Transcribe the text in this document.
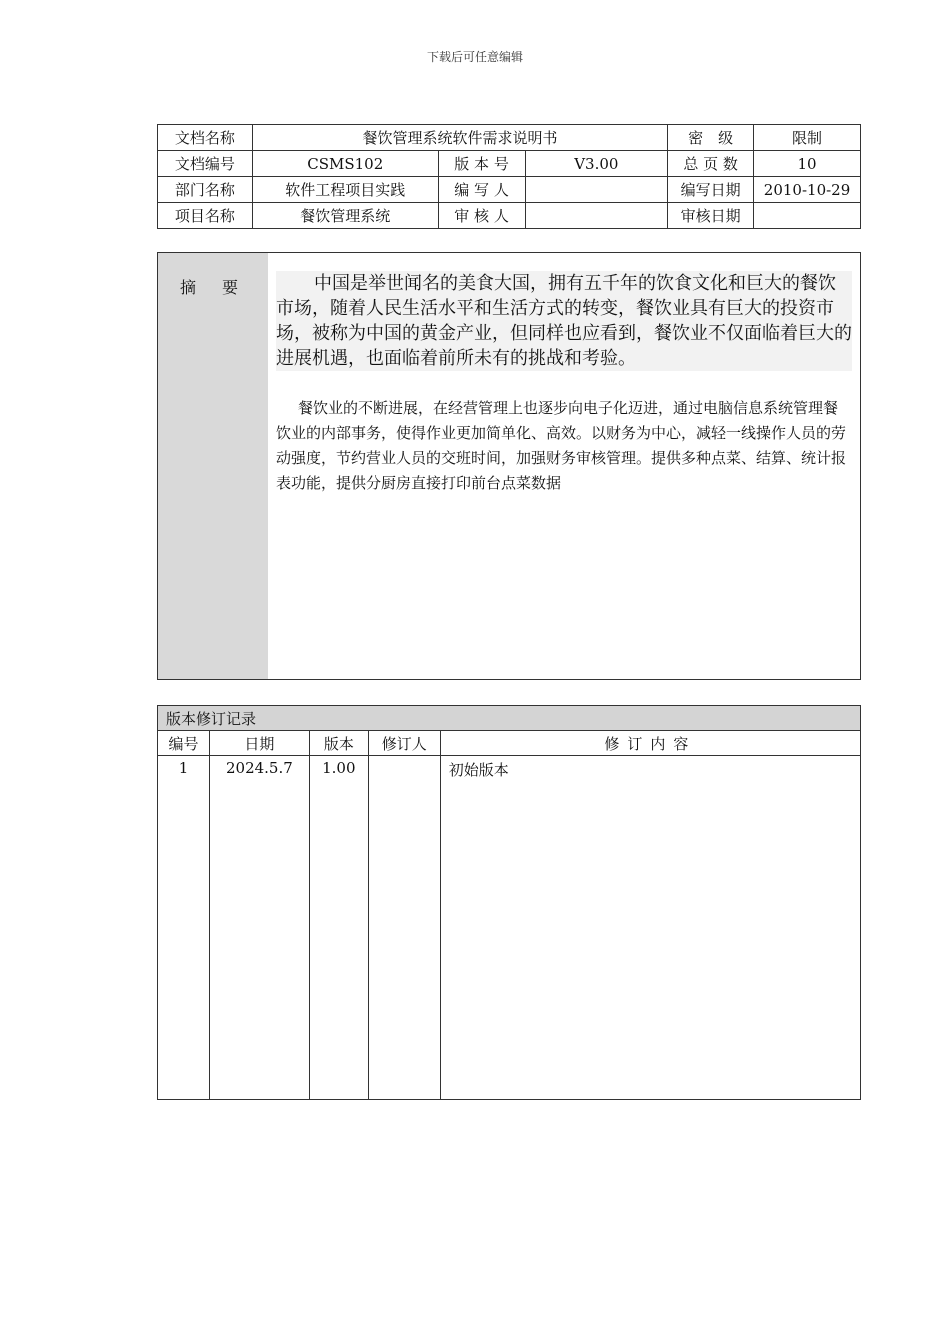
下载后可任意编辑
文档名称	餐饮管理系统软件需求说明书			密　级	限制
文档编号	CSMS102	版 本 号	V3.00	总 页 数	10
部门名称	软件工程项目实践	编 写 人		编写日期	2010-10-29
项目名称	餐饮管理系统	审 核 人		审核日期	
摘要	中国是举世闻名的美食大国，拥有五千年的饮食文化和巨大的餐饮市场，随着人民生活水平和生活方式的转变，餐饮业具有巨大的投资市场，被称为中国的黄金产业，但同样也应看到，餐饮业不仅面临着巨大的进展机遇，也面临着前所未有的挑战和考验。

餐饮业的不断进展，在经营管理上也逐步向电子化迈进，通过电脑信息系统管理餐饮业的内部事务，使得作业更加简单化、高效。以财务为中心，减轻一线操作人员的劳动强度，节约营业人员的交班时间，加强财务审核管理。提供多种点菜、结算、统计报表功能，提供分厨房直接打印前台点菜数据

版本修订记录				
编号	日期	版本	修订人	修订内容
1	2024.5.7	1.00		初始版本
